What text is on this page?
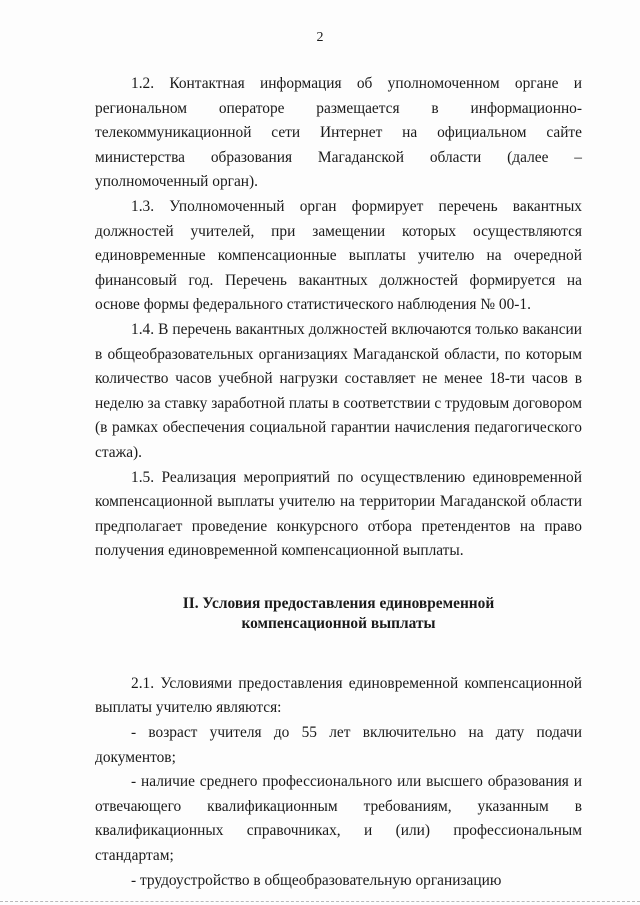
2

1.2. Контактная информация об уполномоченном органе и региональном операторе размещается в информационно-телекоммуникационной сети Интернет на официальном сайте министерства образования Магаданской области (далее – уполномоченный орган).

1.3. Уполномоченный орган формирует перечень вакантных должностей учителей, при замещении которых осуществляются единовременные компенсационные выплаты учителю на очередной финансовый год. Перечень вакантных должностей формируется на основе формы федерального статистического наблюдения № 00-1.

1.4. В перечень вакантных должностей включаются только вакансии в общеобразовательных организациях Магаданской области, по которым количество часов учебной нагрузки составляет не менее 18-ти часов в неделю за ставку заработной платы в соответствии с трудовым договором (в рамках обеспечения социальной гарантии начисления педагогического стажа).

1.5. Реализация мероприятий по осуществлению единовременной компенсационной выплаты учителю на территории Магаданской области предполагает проведение конкурсного отбора претендентов на право получения единовременной компенсационной выплаты.

II. Условия предоставления единовременной
компенсационной выплаты

2.1. Условиями предоставления единовременной компенсационной выплаты учителю являются:

- возраст учителя до 55 лет включительно на дату подачи документов;

- наличие среднего профессионального или высшего образования и отвечающего квалификационным требованиям, указанным в квалификационных справочниках, и (или) профессиональным стандартам;

- трудоустройство в общеобразовательную организацию
